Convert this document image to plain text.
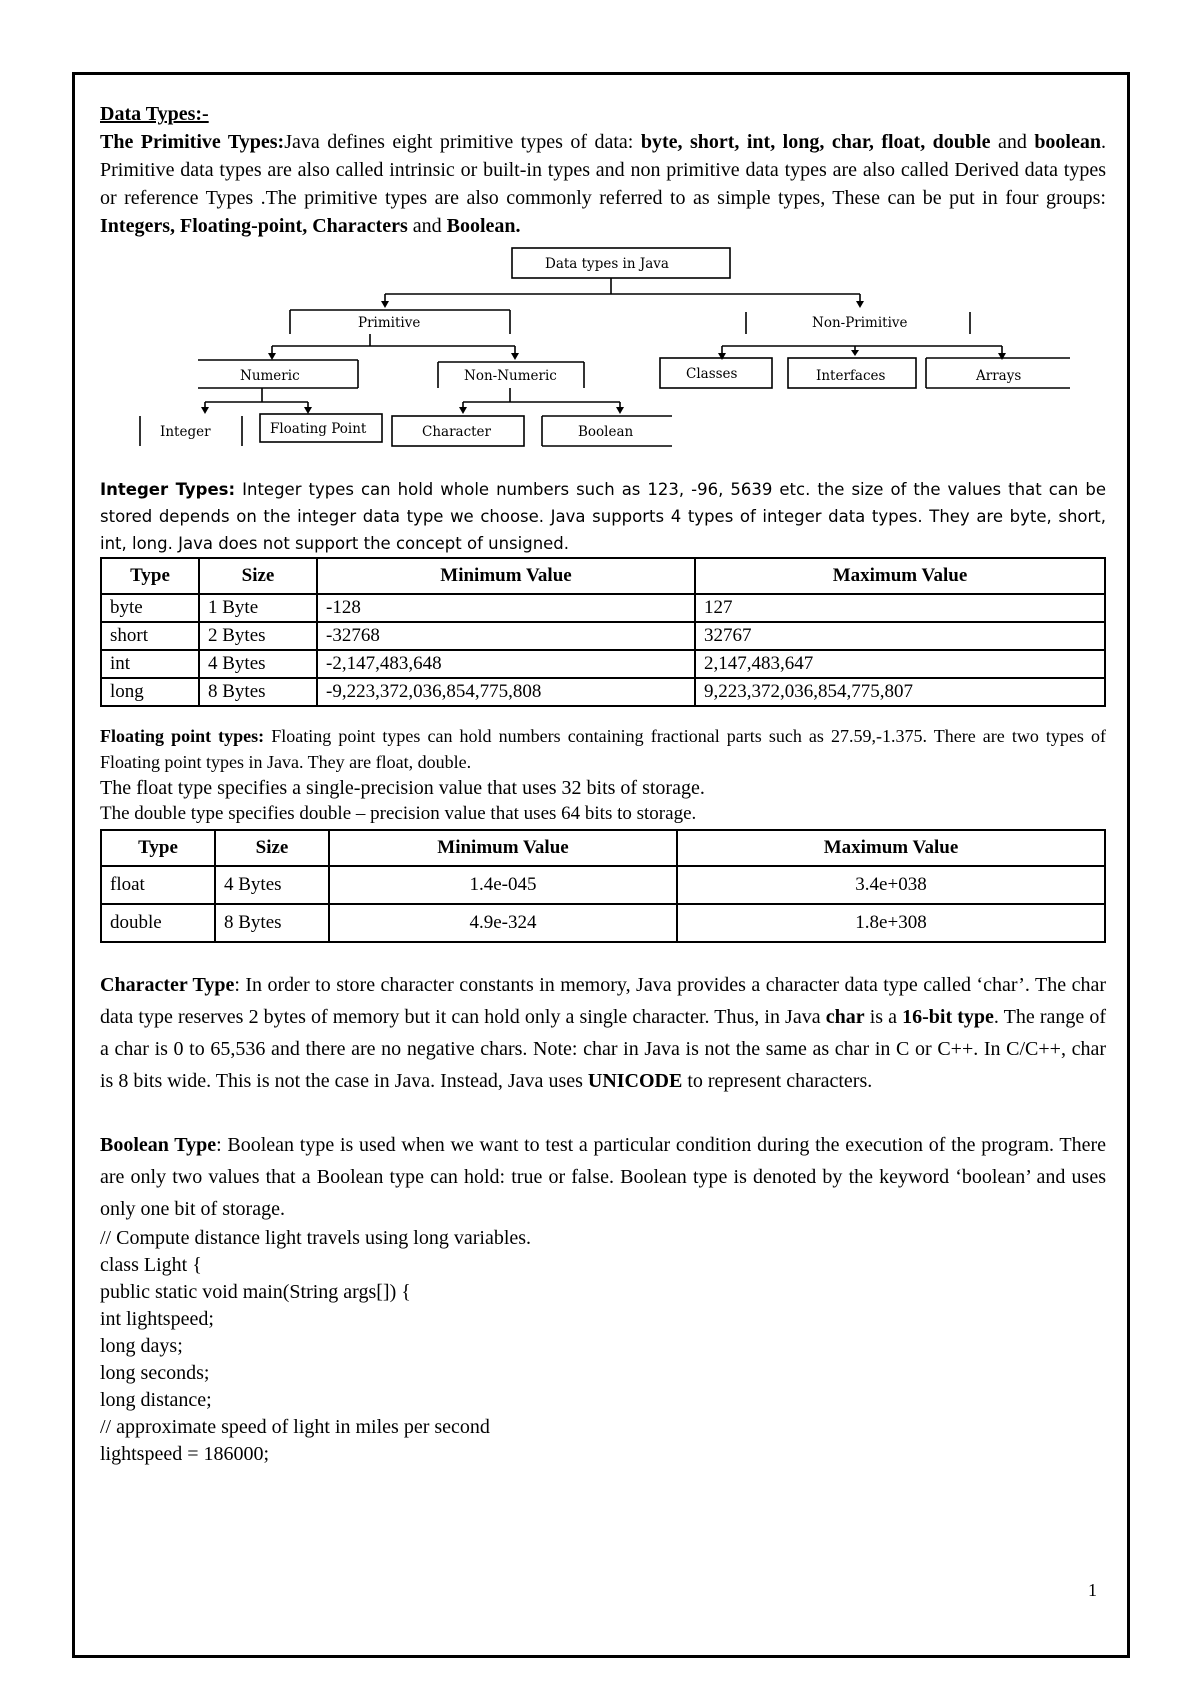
Data Types:-

The Primitive Types:Java defines eight primitive types of data: byte, short, int, long, char, float, double and boolean. Primitive data types are also called intrinsic or built-in types and non primitive data types are also called Derived data types or reference Types .The primitive types are also commonly referred to as simple types, These can be put in four groups: Integers, Floating-point, Characters and Boolean.

Data types in Java
Primitive	Non-Primitive
Numeric	Non-Numeric	Classes	Interfaces	Arrays
Integer	Floating Point	Character	Boolean

Integer Types: Integer types can hold whole numbers such as 123, -96, 5639 etc. the size of the values that can be stored depends on the integer data type we choose. Java supports 4 types of integer data types. They are byte, short, int, long. Java does not support the concept of unsigned.

Type	Size	Minimum Value	Maximum Value
byte	1 Byte	-128	127
short	2 Bytes	-32768	32767
int	4 Bytes	-2,147,483,648	2,147,483,647
long	8 Bytes	-9,223,372,036,854,775,808	9,223,372,036,854,775,807

Floating point types: Floating point types can hold numbers containing fractional parts such as 27.59,-1.375. There are two types of Floating point types in Java. They are float, double.

The float type specifies a single-precision value that uses 32 bits of storage.

The double type specifies double – precision value that uses 64 bits to storage.

Type	Size	Minimum Value	Maximum Value
float	4 Bytes	1.4e-045	3.4e+038
double	8 Bytes	4.9e-324	1.8e+308

Character Type: In order to store character constants in memory, Java provides a character data type called ‘char’. The char data type reserves 2 bytes of memory but it can hold only a single character. Thus, in Java char is a 16-bit type. The range of a char is 0 to 65,536 and there are no negative chars. Note: char in Java is not the same as char in C or C++. In C/C++, char is 8 bits wide. This is not the case in Java. Instead, Java uses UNICODE to represent characters.

Boolean Type: Boolean type is used when we want to test a particular condition during the execution of the program. There are only two values that a Boolean type can hold: true or false. Boolean type is denoted by the keyword ‘boolean’ and uses only one bit of storage.

// Compute distance light travels using long variables.

class Light {

public static void main(String args[]) {

int lightspeed;

long days;

long seconds;

long distance;

// approximate speed of light in miles per second

lightspeed = 186000;

1
